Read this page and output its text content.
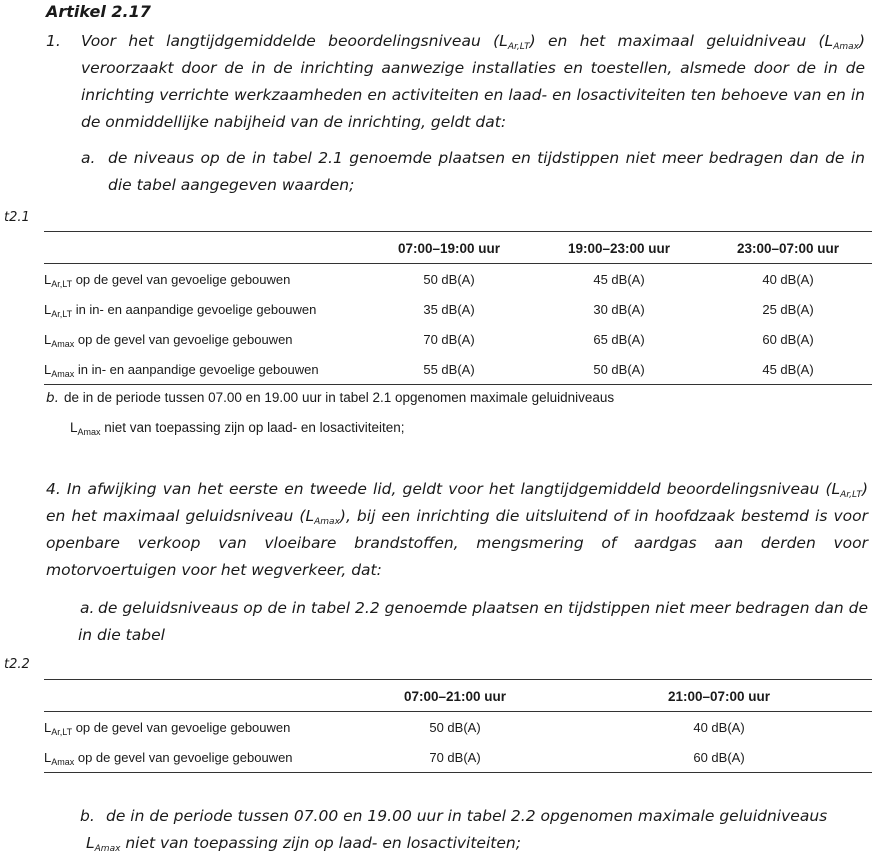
Artikel 2.17
1. Voor het langtijdgemiddelde beoordelingsniveau $(L_{Ar,LT})$ en het maximaal geluidniveau $(L_{Amax})$ veroorzaakt door de in de inrichting aanwezige installaties en toestellen, alsmede door de in de inrichting verrichte werkzaamheden en activiteiten en laad- en losactiviteiten ten behoeve van en in de onmiddellijke nabijheid van de inrichting, geldt dat:
a. de niveaus op de in tabel 2.1 genoemde plaatsen en tijdstippen niet meer bedragen dan de in die tabel aangegeven waarden;
t2.1
	07:00–19:00 uur	19:00–23:00 uur	23:00–07:00 uur
$L_{Ar,LT}$ op de gevel van gevoelige gebouwen	50 dB(A)	45 dB(A)	40 dB(A)
$L_{Ar,LT}$ in in- en aanpandige gevoelige gebouwen	35 dB(A)	30 dB(A)	25 dB(A)
$L_{Amax}$ op de gevel van gevoelige gebouwen	70 dB(A)	65 dB(A)	60 dB(A)
$L_{Amax}$ in in- en aanpandige gevoelige gebouwen	55 dB(A)	50 dB(A)	45 dB(A)
b. de in de periode tussen 07.00 en 19.00 uur in tabel 2.1 opgenomen maximale geluidniveaus
$L_{Amax}$ niet van toepassing zijn op laad- en losactiviteiten;
4. In afwijking van het eerste en tweede lid, geldt voor het langtijdgemiddeld beoordelingsniveau $(L_{Ar,LT})$ en het maximaal geluidsniveau $(L_{Amax})$, bij een inrichting die uitsluitend of in hoofdzaak bestemd is voor openbare verkoop van vloeibare brandstoffen, mengsmering of aardgas aan derden voor motorvoertuigen voor het wegverkeer, dat:
a. de geluidsniveaus op de in tabel 2.2 genoemde plaatsen en tijdstippen niet meer bedragen dan de in die tabel
t2.2
	07:00–21:00 uur	21:00–07:00 uur
$L_{Ar,LT}$ op de gevel van gevoelige gebouwen	50 dB(A)	40 dB(A)
$L_{Amax}$ op de gevel van gevoelige gebouwen	70 dB(A)	60 dB(A)
b. de in de periode tussen 07.00 en 19.00 uur in tabel 2.2 opgenomen maximale geluidniveaus
$L_{Amax}$ niet van toepassing zijn op laad- en losactiviteiten;
